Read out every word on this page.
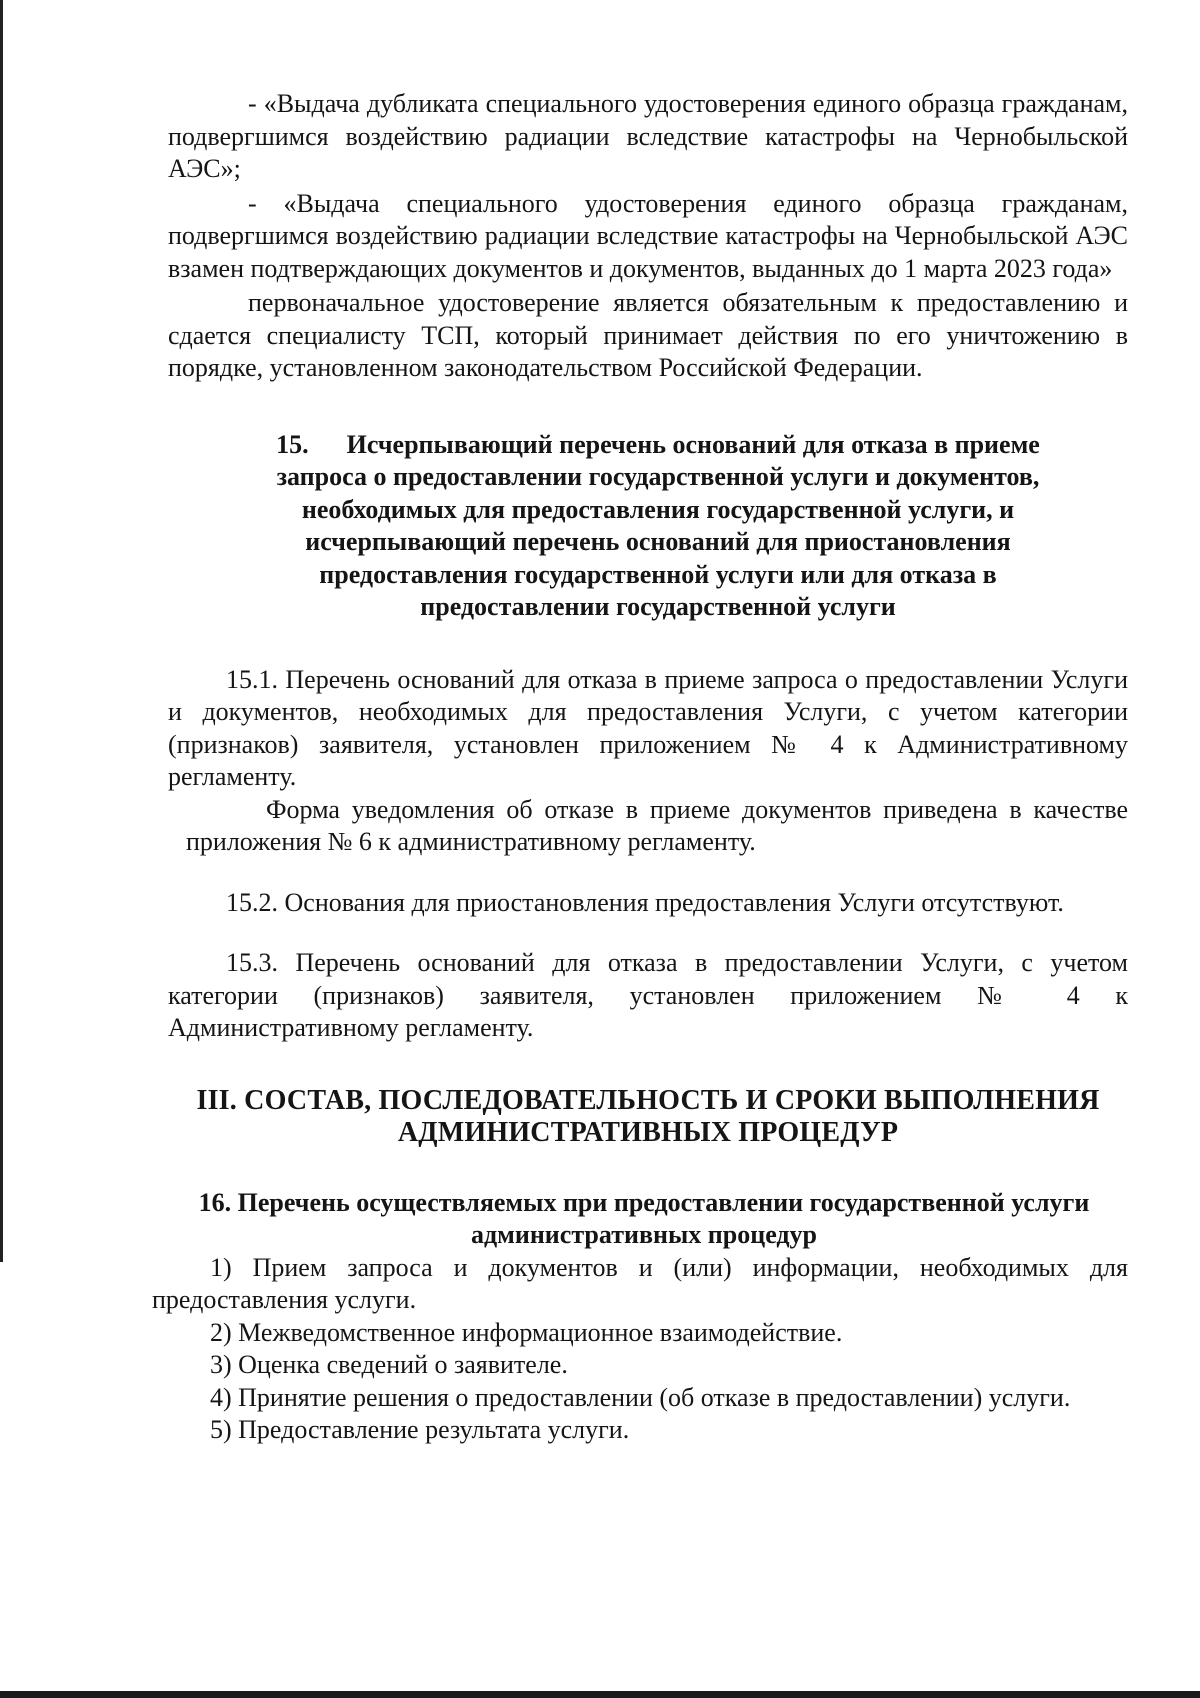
- «Выдача дубликата специального удостоверения единого образца гражданам, подвергшимся воздействию радиации вследствие катастрофы на Чернобыльской АЭС»;

- «Выдача специального удостоверения единого образца гражданам, подвергшимся воздействию радиации вследствие катастрофы на Чернобыльской АЭС взамен подтверждающих документов и документов, выданных до 1 марта 2023 года»

первоначальное удостоверение является обязательным к предоставлению и сдается специалисту ТСП, который принимает действия по его уничтожению в порядке, установленном законодательством Российской Федерации.

15. Исчерпывающий перечень оснований для отказа в приеме запроса о предоставлении государственной услуги и документов, необходимых для предоставления государственной услуги, и исчерпывающий перечень оснований для приостановления предоставления государственной услуги или для отказа в предоставлении государственной услуги

15.1. Перечень оснований для отказа в приеме запроса о предоставлении Услуги и документов, необходимых для предоставления Услуги, с учетом категории (признаков) заявителя, установлен приложением № 4 к Административному регламенту.

Форма уведомления об отказе в приеме документов приведена в качестве приложения № 6 к административному регламенту.

15.2. Основания для приостановления предоставления Услуги отсутствуют.

15.3. Перечень оснований для отказа в предоставлении Услуги, с учетом категории (признаков) заявителя, установлен приложением № 4 к Административному регламенту.

III. СОСТАВ, ПОСЛЕДОВАТЕЛЬНОСТЬ И СРОКИ ВЫПОЛНЕНИЯ АДМИНИСТРАТИВНЫХ ПРОЦЕДУР
16. Перечень осуществляемых при предоставлении государственной услуги административных процедур

1) Прием запроса и документов и (или) информации, необходимых для предоставления услуги.

2) Межведомственное информационное взаимодействие.

3) Оценка сведений о заявителе.

4) Принятие решения о предоставлении (об отказе в предоставлении) услуги.

5) Предоставление результата услуги.
